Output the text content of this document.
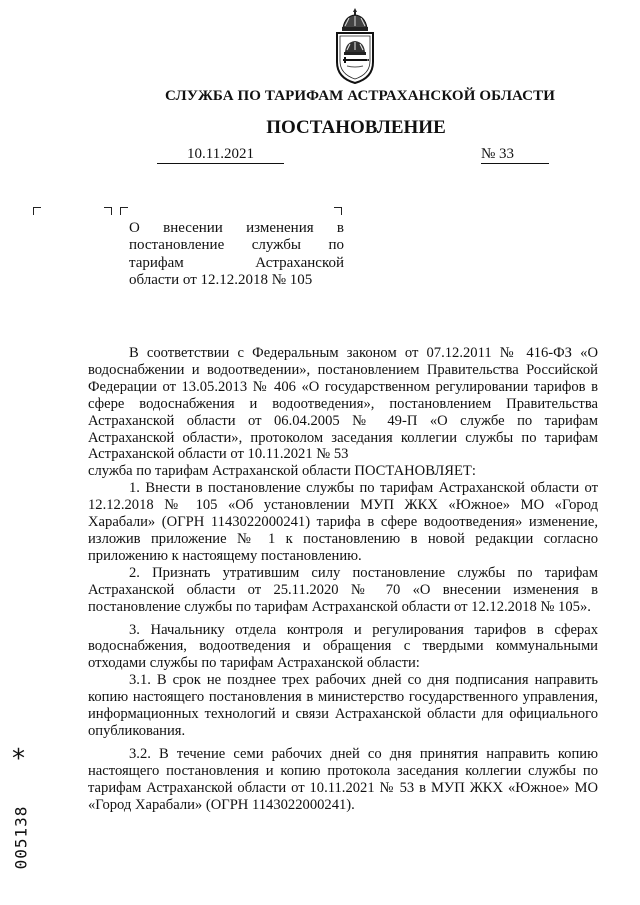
СЛУЖБА ПО ТАРИФАМ АСТРАХАНСКОЙ ОБЛАСТИ
ПОСТАНОВЛЕНИЕ
10.11.2021	№ 33
О внесении изменения в
постановление службы по
тарифам	Астраханской
области от 12.12.2018 № 105

В соответствии с Федеральным законом от 07.12.2011 № 416-ФЗ «О водоснабжении и водоотведении», постановлением Правительства Российской Федерации от 13.05.2013 № 406 «О государственном регулировании тарифов в сфере водоснабжения и водоотведения», постановлением Правительства Астраханской области от 06.04.2005 № 49-П «О службе по тарифам Астраханской области», протоколом заседания коллегии службы по тарифам Астраханской области от 10.11.2021 № 53

служба по тарифам Астраханской области ПОСТАНОВЛЯЕТ:

1. Внести в постановление службы по тарифам Астраханской области от 12.12.2018 № 105 «Об установлении МУП ЖКХ «Южное» МО «Город Харабали» (ОГРН 1143022000241) тарифа в сфере водоотведения» изменение, изложив приложение № 1 к постановлению в новой редакции согласно приложению к настоящему постановлению.

2. Признать утратившим силу постановление службы по тарифам Астраханской области от 25.11.2020 № 70 «О внесении изменения в постановление службы по тарифам Астраханской области от 12.12.2018 № 105».

3. Начальнику отдела контроля и регулирования тарифов в сферах водоснабжения, водоотведения и обращения с твердыми коммунальными отходами службы по тарифам Астраханской области:

3.1. В срок не позднее трех рабочих дней со дня подписания направить копию настоящего постановления в министерство государственного управления, информационных технологий и связи Астраханской области для официального опубликования.

3.2. В течение семи рабочих дней со дня принятия направить копию настоящего постановления и копию протокола заседания коллегии службы по тарифам Астраханской области от 10.11.2021 № 53 в МУП ЖКХ «Южное» МО «Город Харабали» (ОГРН 1143022000241).

*
005138
